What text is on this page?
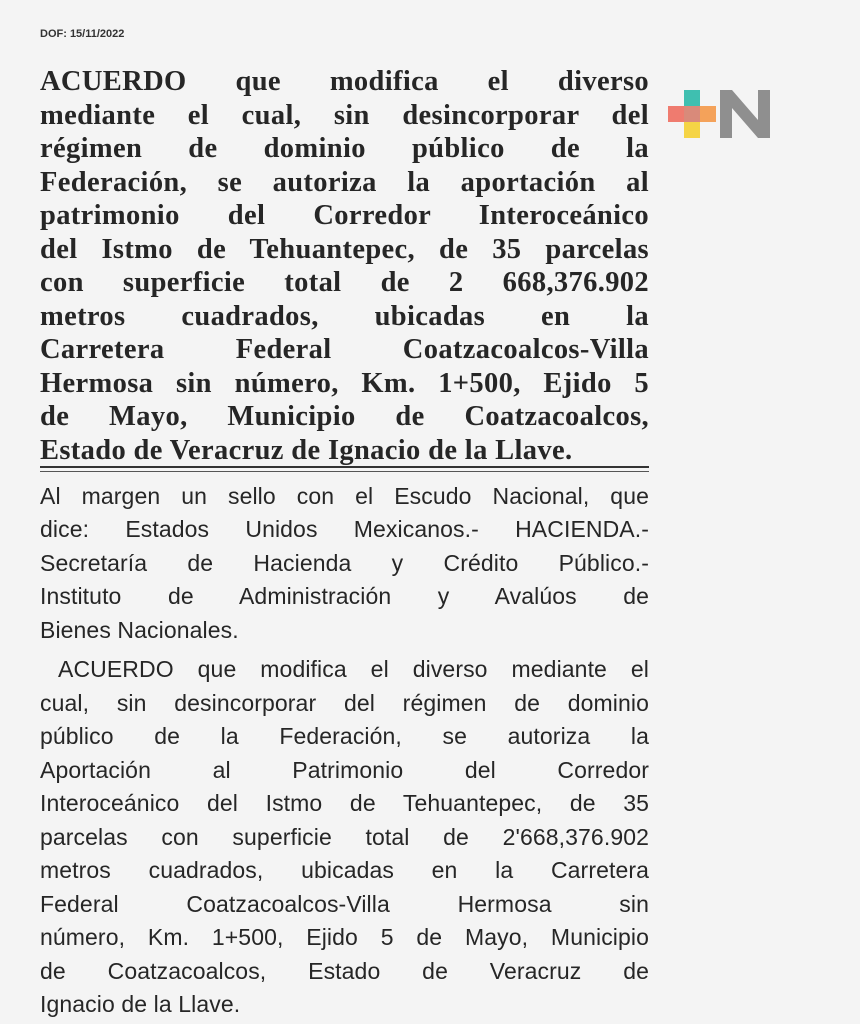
DOF: 15/11/2022
ACUERDO que modifica el diverso
mediante el cual, sin desincorporar del
régimen de dominio público de la
Federación, se autoriza la aportación al
patrimonio del Corredor Interoceánico
del Istmo de Tehuantepec, de 35 parcelas
con superficie total de 2 668,376.902
metros cuadrados, ubicadas en la
Carretera Federal Coatzacoalcos-Villa
Hermosa sin número, Km. 1+500, Ejido 5
de Mayo, Municipio de Coatzacoalcos,
Estado de Veracruz de Ignacio de la Llave.
Al margen un sello con el Escudo Nacional, que
dice: Estados Unidos Mexicanos.- HACIENDA.-
Secretaría de Hacienda y Crédito Público.-
Instituto de Administración y Avalúos de
Bienes Nacionales.
ACUERDO que modifica el diverso mediante el
cual, sin desincorporar del régimen de dominio
público de la Federación, se autoriza la
Aportación al Patrimonio del Corredor
Interoceánico del Istmo de Tehuantepec, de 35
parcelas con superficie total de 2'668,376.902
metros cuadrados, ubicadas en la Carretera
Federal Coatzacoalcos-Villa Hermosa sin
número, Km. 1+500, Ejido 5 de Mayo, Municipio
de Coatzacoalcos, Estado de Veracruz de
Ignacio de la Llave.
